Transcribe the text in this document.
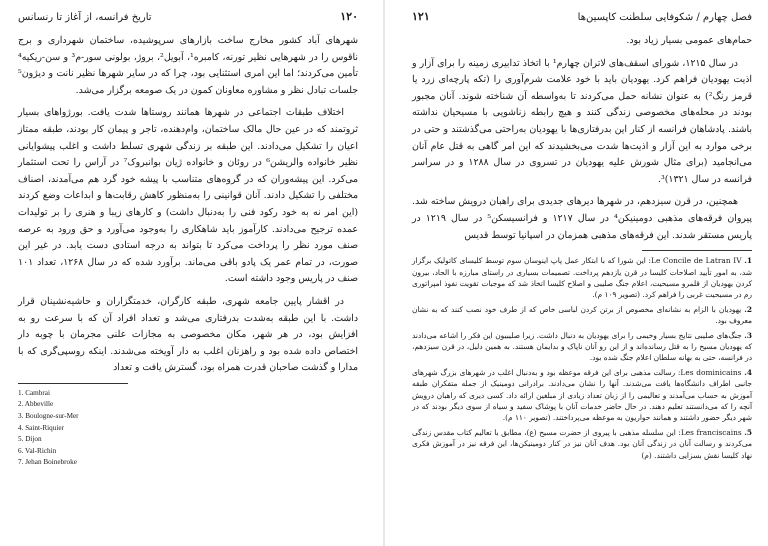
١٢٠
تاریخ فرانسه، از آغاز تا رنسانس

شهرهای آباد کشور مخارج ساخت بازارهای سرپوشیده، ساختمان شهرداری و برج ناقوس را در شهرهایی نظیر تورنه، کامبره¹، آبویل²، بروژ، بولونی سور-م³ و سن-ریکیه⁴ تأمین می‌کردند؛ اما این امری استثنایی بود، چرا که در سایر شهرها نظیر نانت و دیژون⁵ جلسات تبادل نظر و مشاوره معاونان کمون در یک صومعه برگزار می‌شد.

اختلاف طبقات اجتماعی در شهرها همانند روستاها شدت یافت. بورژواهای بسیار ثروتمند که در عین حال مالک ساختمان، وام‌دهنده، تاجر و پیمان کار بودند، طبقه ممتاز اعیان را تشکیل می‌دادند. این طبقه بر زندگی شهری تسلط داشت و اغلب پیشوایانی نظیر خانواده والریشن⁶ در روئان و خانواده ژیان بوانبروک⁷ در آراس را تحت استثمار می‌کرد. این پیشه‌وران که در گروه‌های متناسب با پیشه خود گرد هم می‌آمدند، اصناف مختلفی را تشکیل دادند. آنان قوانینی را به‌منظور کاهش رقابت‌ها و ابداعات وضع کردند (این امر نه به خود رکود فنی را به‌دنبال داشت) و کارهای زیبا و هنری را بر تولیدات عمده ترجیح می‌دادند. کارآموز باید شاهکاری را به‌وجود می‌آورد و حق ورود به عرصه صنف مورد نظر را پرداخت می‌کرد تا بتواند به درجه استادی دست یابد. در غیر این صورت، در تمام عمر یک پادو باقی می‌ماند. برآورد شده که در سال ۱۲۶۸، تعداد ۱۰۱ صنف در پاریس وجود داشته است.

در اقشار پایین جامعه شهری، طبقه کارگران، خدمتگزاران و حاشیه‌نشینان قرار داشت. با این طبقه به‌شدت بدرفتاری می‌شد و تعداد افراد آن که با سرعت رو به افزایش بود، در هر شهر، مکان مخصوصی به مجازات علنی مجرمان با چوبه دار اختصاص داده شده بود و راهزنان اغلب به دار آویخته می‌شدند. اینکه روسپی‌گری که با مدارا و گذشت صاحبان قدرت همراه بود، گسترش یافت و تعداد

1. Cambrai
2. Abbeville
3. Boulogne-sur-Mer
4. Saint-Riquier
5. Dijon
6. Val-Richin
7. Jehan Boinebroke
فصل چهارم / شکوفایی سلطنت کاپسین‌ها
١٢١

حمام‌های عمومی بسیار زیاد بود.

در سال ۱۲۱۵، شورای اسقف‌های لاتران چهارم¹ با اتخاذ تدابیری زمینه را برای آزار و اذیت یهودیان فراهم کرد. یهودیان باید با خود علامت شرم‌آوری را (تکه پارچه‌ای زرد یا قرمز رنگ²) به عنوان نشانه حمل می‌کردند تا به‌واسطه آن شناخته شوند. آنان مجبور بودند در محله‌های مخصوصی زندگی کنند و هیچ رابطه زناشویی با مسیحیان نداشته باشند. پادشاهان فرانسه از کنار این بدرفتاری‌ها با یهودیان به‌راحتی می‌گذشتند و حتی در برخی موارد به این آزار و اذیت‌ها شدت می‌بخشیدند که این امر گاهی به قتل عام آنان می‌انجامید (برای مثال شورش علیه یهودیان در تسروی در سال ۱۲۸۸ و در سراسر فرانسه در سال ۱۳۲۱)³.

همچنین، در قرن سیزدهم، در شهرها دیرهای جدیدی برای راهبان درویش ساخته شد. پیروان فرقه‌های مذهبی دومینیکن⁴ در سال ۱۲۱۷ و فرانسیسکن⁵ در سال ۱۲۱۹ در پاریس مستقر شدند. این فرقه‌های مذهبی همزمان در اسپانیا توسط قدیس

1. Le Concile de Latran IV: این شورا که با ابتکار عمل پاپ اینوسان سوم توسط کلیسای کاتولیک برگزار شد، به امور تأیید اصلاحات کلیسا در قرن یازدهم پرداخت. تصمیمات بسیاری در راستای مبارزه با الحاد، بیرون کردن یهودیان از قلمرو مسیحیت، اعلام جنگ صلیبی و اصلاح کلیسا اتخاذ شد که موجبات تقویت نفوذ امپراتوری رم در مسیحیت غربی را فراهم کرد. (تصویر ۱۰۹ م).

2. یهودیان با الزام به نشانه‌ای مخصوص از برتن کردن لباسی خاص که از طرف خود نصب کنند که به نشان معروف بود.

3. جنگ‌های صلیبی نتایج بسیار وخیمی را برای یهودیان به دنبال داشت. زیرا صلیبیون این فکر را اشاعه می‌دادند که یهودیان مسیح را به قتل رسانده‌اند و از این رو آنان ناپاک و بدایمان هستند. به همین دلیل، در قرن سیزدهم، در فرانسه، حتی به بهانه سلطان اعلام جنگ شده بود.

4. Les dominicains: رسالت مذهبی برای این فرقه موعظه بود و به‌دنبال اغلب در شهرهای بزرگ شهرهای جانبی اطراف دانشگاه‌ها یافت می‌شدند. آنها را نشان می‌دادند. برادرانی دومینیک از جمله متفکران طبقه آموزش به حساب می‌آمدند و تعالیمی را از زبان تعداد زیادی از مبلغین ارائه داد. کسی دیری که راهبان درویش آنچه را که می‌دانستند تعلیم دهند. در حال حاضر خدمات آنان با پوشاک سفید و سیاه از سوی دیگر بودند که در شهر دیگر حضور داشتند و همانند حواریون به موعظه می‌پرداختند. (تصویر ۱۱۰ م).

5. Les franciscains: این سلسله مذهبی با پیروی از حضرت مسیح (ع)، مطابق با تعالیم کتاب مقدس زندگی می‌کردند و رسالت آنان در زندگی آنان بود. هدف آنان نیز در کنار دومینیکن‌ها، این فرقه نیز در آموزش فکری نهاد کلیسا نقش بسزایی داشتند. (م)
